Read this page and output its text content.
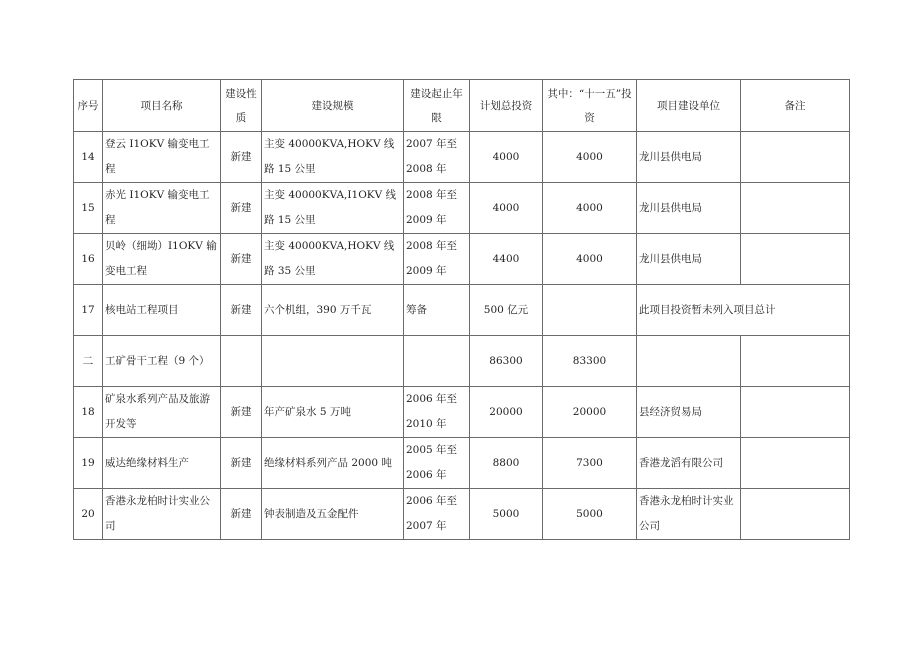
序号	项目名称	建设性质	建设规模	建设起止年限	计划总投资	其中：“十一五”投资	项目建设单位	备注
14	登云 I1OKV 输变电工程	新建	主变 40000KVA,HOKV 线路 15 公里	2007 年至 2008 年	4000	4000	龙川县供电局	
15	赤光 I1OKV 输变电工程	新建	主变 40000KVA,I1OKV 线路 15 公里	2008 年至 2009 年	4000	4000	龙川县供电局	
16	贝岭（细坳）I1OKV 输变电工程	新建	主变 40000KVA,HOKV 线路 35 公里	2008 年至 2009 年	4400	4000	龙川县供电局	
17	核电站工程项目	新建	六个机组，390 万千瓦	筹备	500 亿元		此项目投资暂未列入项目总计	
二	工矿骨干工程（9 个）				86300	83300		
18	矿泉水系列产品及旅游开发等	新建	年产矿泉水 5 万吨	2006 年至 2010 年	20000	20000	县经济贸易局	
19	威达绝缘材料生产	新建	绝缘材料系列产品 2000 吨	2005 年至 2006 年	8800	7300	香港龙滔有限公司	
20	香港永龙柏时计实业公司	新建	钟表制造及五金配件	2006 年至 2007 年	5000	5000	香港永龙柏时计实业公司	
